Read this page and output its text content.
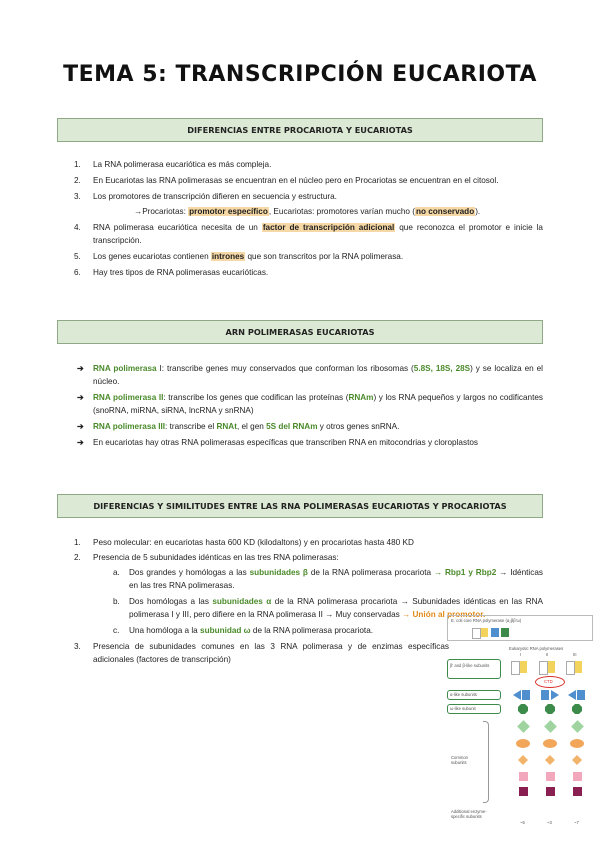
TEMA 5: TRANSCRIPCIÓN EUCARIOTA
DIFERENCIAS ENTRE PROCARIOTA Y EUCARIOTAS
1. La RNA polimerasa eucariótica es más compleja.
2. En Eucariotas las RNA polimerasas se encuentran en el núcleo pero en Procariotas se encuentran en el citosol.
3. Los promotores de transcripción difieren en secuencia y estructura.
→Procariotas: promotor específico, Eucariotas: promotores varían mucho (no conservado).
4. RNA polimerasa eucariótica necesita de un factor de transcripción adicional que reconozca el promotor e inicie la transcripción.
5. Los genes eucariotas contienen intrones que son transcritos por la RNA polimerasa.
6. Hay tres tipos de RNA polimerasas eucarióticas.
ARN POLIMERASAS EUCARIOTAS
➔ RNA polimerasa I: transcribe genes muy conservados que conforman los ribosomas (5.8S, 18S, 28S) y se localiza en el núcleo.
➔ RNA polimerasa II: transcribe los genes que codifican las proteínas (RNAm) y los RNA pequeños y largos no codificantes (snoRNA, miRNA, siRNA, lncRNA y snRNA)
➔ RNA polimerasa III: transcribe el RNAt, el gen 5S del RNAm y otros genes snRNA.
➔ En eucariotas hay otras RNA polimerasas específicas que transcriben RNA en mitocondrias y cloroplastos
DIFERENCIAS Y SIMILITUDES ENTRE LAS RNA POLIMERASAS EUCARIOTAS Y PROCARIOTAS
1. Peso molecular: en eucariotas hasta 600 KD (kilodaltons) y en procariotas hasta 480 KD
2. Presencia de 5 subunidades idénticas en las tres RNA polimerasas:
a. Dos grandes y homólogas a las subunidades β de la RNA polimerasa procariota → Rbp1 y Rbp2 → Idénticas en las tres RNA polimerasas.
b. Dos homólogas a las subunidades α de la RNA polimerasa procariota → Subunidades idénticas en las RNA polimerasa I y III, pero difiere en la RNA polimerasa II → Muy conservadas → Unión al promotor.
c. Una homóloga a la subunidad ω de la RNA polimerasa procariota.
3. Presencia de subunidades comunes en las 3 RNA polimerasa y de enzimas específicas adicionales (factores de transcripción)
E. coli core RNA polymerase (α₂ββ'ω)
Eukaryotic RNA polymerases
I	II	III
β' and β-like subunits
CTD
α-like subunits
ω-like subunit
Common subunits
Additional enzyme-specific subunits
~5	~3	~7
